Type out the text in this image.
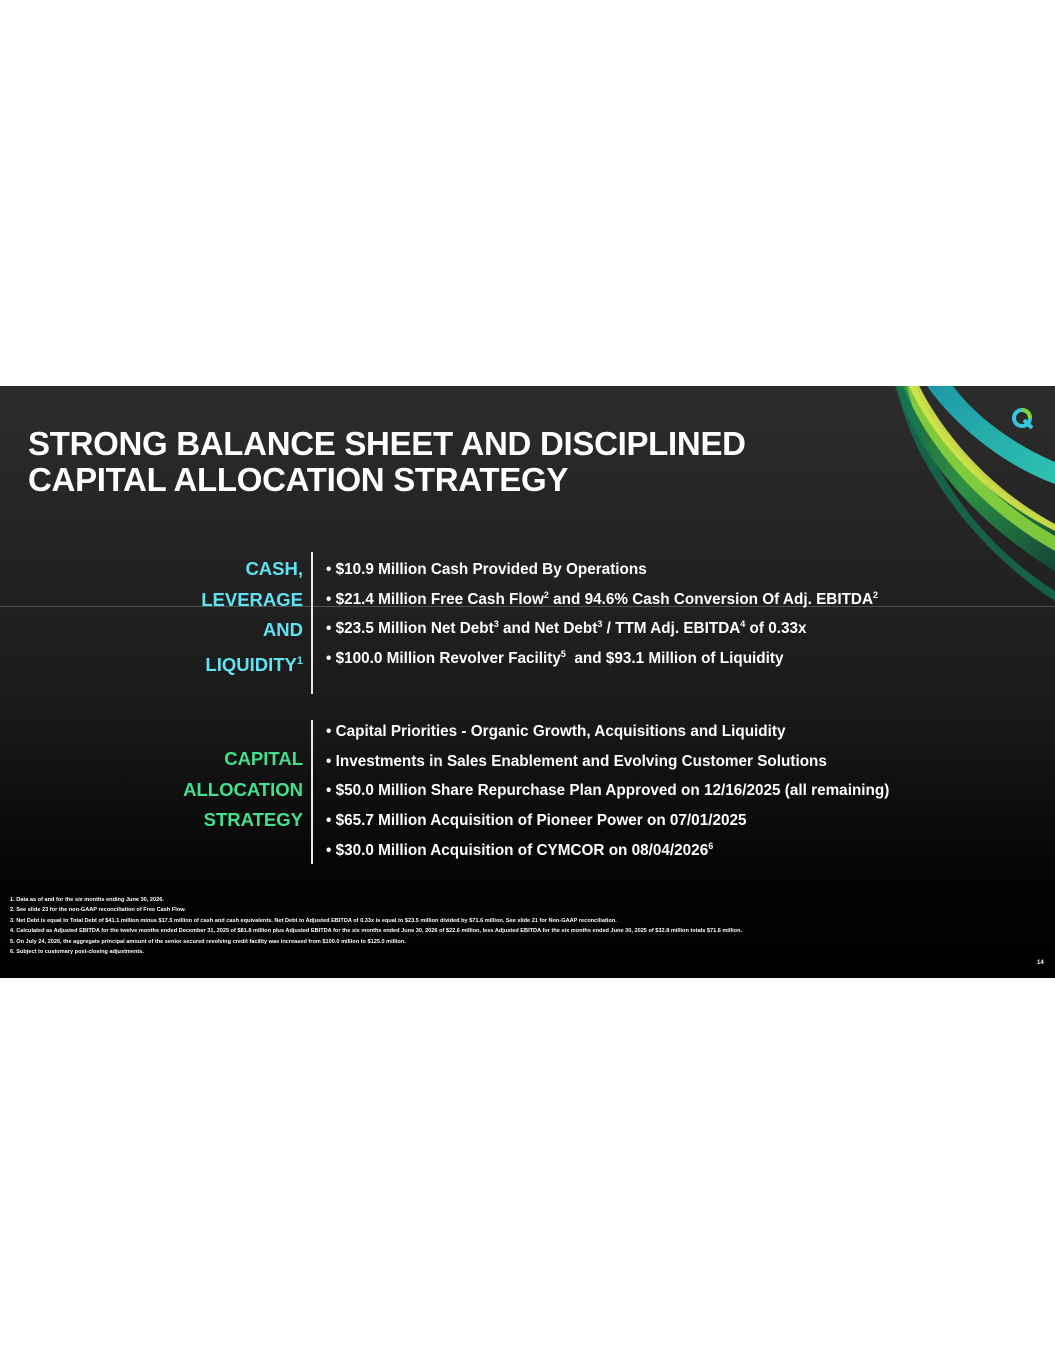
STRONG BALANCE SHEET AND DISCIPLINED
CAPITAL ALLOCATION STRATEGY
CASH,
LEVERAGE
AND
LIQUIDITY$^1$
• $10.9 Million Cash Provided By Operations
• $21.4 Million Free Cash Flow$^2$ and 94.6% Cash Conversion Of Adj. EBITDA$^2$
• $23.5 Million Net Debt$^3$ and Net Debt$^3$ / TTM Adj. EBITDA$^4$ of 0.33x
• $100.0 Million Revolver Facility$^5$  and $93.1 Million of Liquidity
CAPITAL
ALLOCATION
STRATEGY
• Capital Priorities - Organic Growth, Acquisitions and Liquidity
• Investments in Sales Enablement and Evolving Customer Solutions
• $50.0 Million Share Repurchase Plan Approved on 12/16/2025 (all remaining)
• $65.7 Million Acquisition of Pioneer Power on 07/01/2025
• $30.0 Million Acquisition of CYMCOR on 08/04/2026$^6$
1. Data as of and for the six months ending June 30, 2026.
2. See slide 23 for the non-GAAP reconciliation of Free Cash Flow.
3. Net Debt is equal to Total Debt of $41.1 million minus $17.5 million of cash and cash equivalents. Net Debt to Adjusted EBITDA of 0.33x is equal to $23.5 million divided by $71.6 million. See slide 21 for Non-GAAP reconciliation.
4. Calculated as Adjusted EBITDA for the twelve months ended December 31, 2025 of $81.8 million plus Adjusted EBITDA for the six months ended June 30, 2026 of $22.6 million, less Adjusted EBITDA for the six months ended June 30, 2025 of $32.8 million totals $71.6 million.
5. On July 24, 2026, the aggregate principal amount of the senior secured revolving credit facility was increased from $100.0 million to $125.0 million.
6. Subject to customary post-closing adjustments.
14
